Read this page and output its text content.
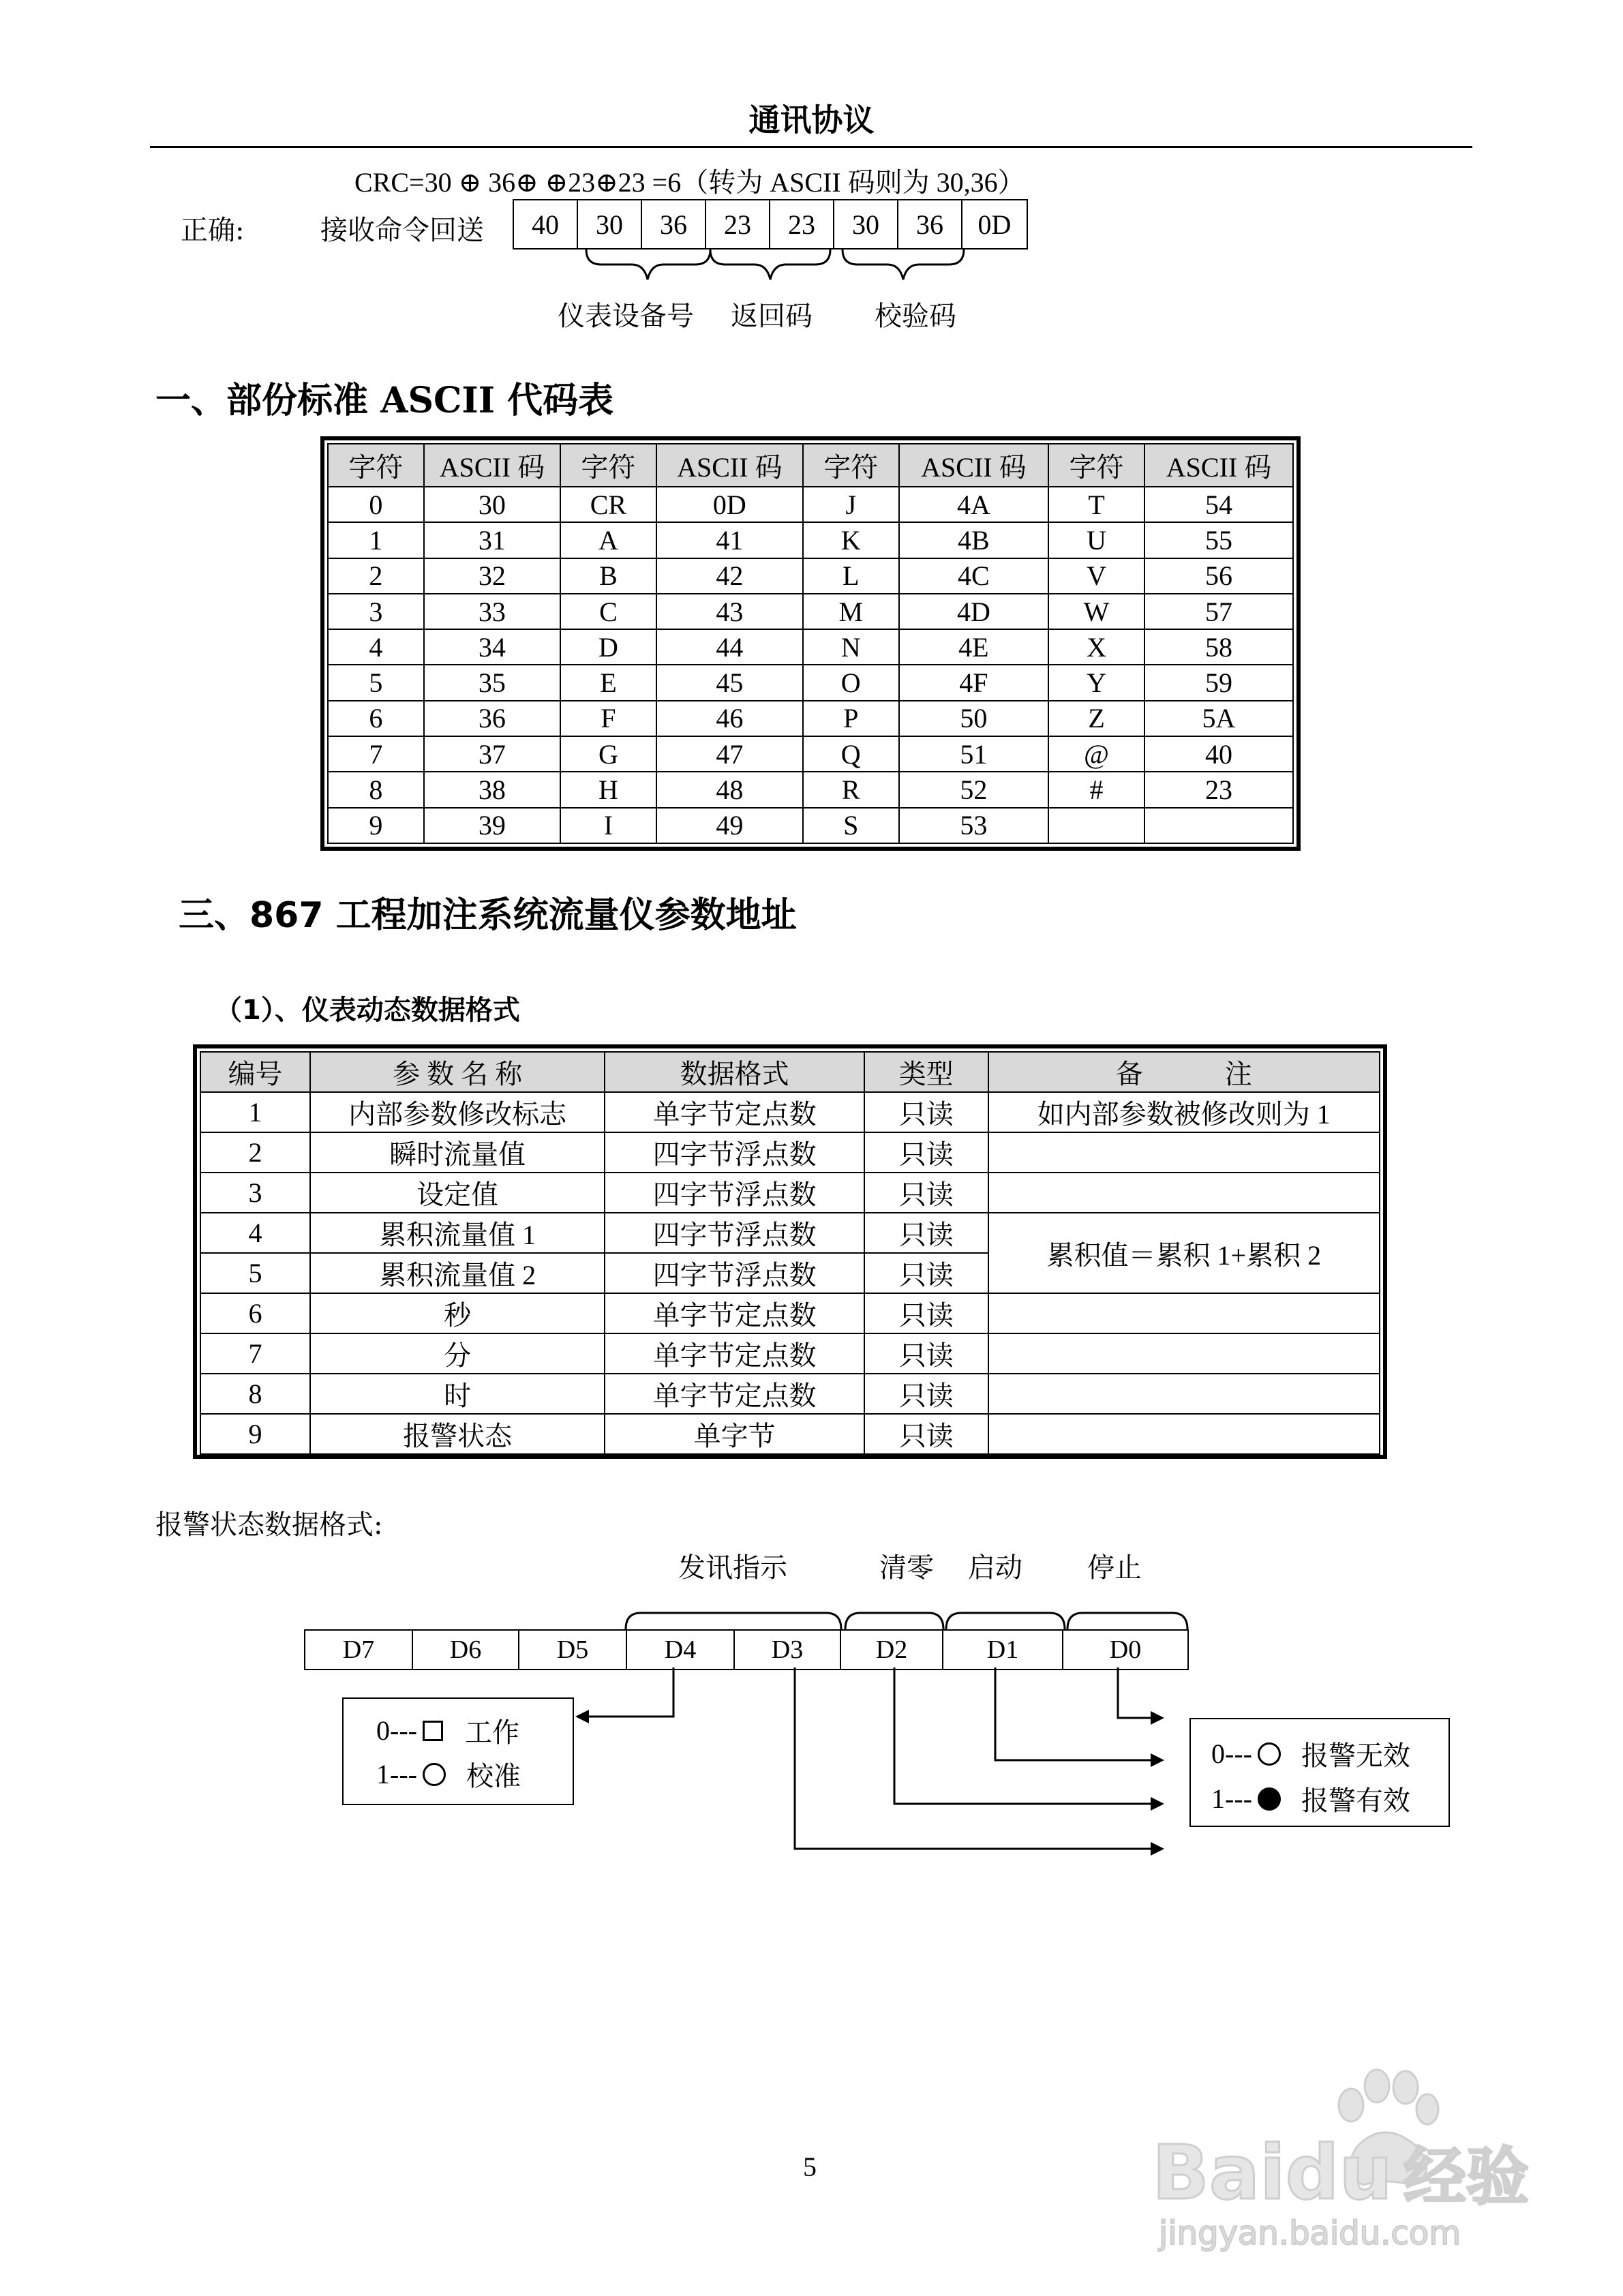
通讯协议
CRC=30 ⊕ 36⊕ ⊕23⊕23 =6（转为 ASCII 码则为 30,36）
正确:	接收命令回送	40	30	36	23	23	30	36	0D
仪表设备号 返回码 校验码
一、部份标准 ASCII 代码表
字符	ASCII 码	字符	ASCII 码	字符	ASCII 码	字符	ASCII 码
0	30	CR	0D	J	4A	T	54
1	31	A	41	K	4B	U	55
2	32	B	42	L	4C	V	56
3	33	C	43	M	4D	W	57
4	34	D	44	N	4E	X	58
5	35	E	45	O	4F	Y	59
6	36	F	46	P	50	Z	5A
7	37	G	47	Q	51	@	40
8	38	H	48	R	52	#	23
9	39	I	49	S	53		
三、867 工程加注系统流量仪参数地址
（1）、仪表动态数据格式
编号	参 数 名 称	数据格式	类型	备　　　注
1	内部参数修改标志	单字节定点数	只读	如内部参数被修改则为 1
2	瞬时流量值	四字节浮点数	只读	
3	设定值	四字节浮点数	只读	
4	累积流量值 1	四字节浮点数	只读	累积值＝累积 1+累积 2
5	累积流量值 2	四字节浮点数	只读	
6	秒	单字节定点数	只读	
7	分	单字节定点数	只读	
8	时	单字节定点数	只读	
9	报警状态	单字节	只读	
报警状态数据格式:
发讯指示	清零 启动 停止
D7	D6	D5	D4	D3	D2	D1	D0
0--- 工作
1--- 校准
0--- 报警无效
1--- 报警有效
5	Baidu 经验
jingyan.baidu.com
